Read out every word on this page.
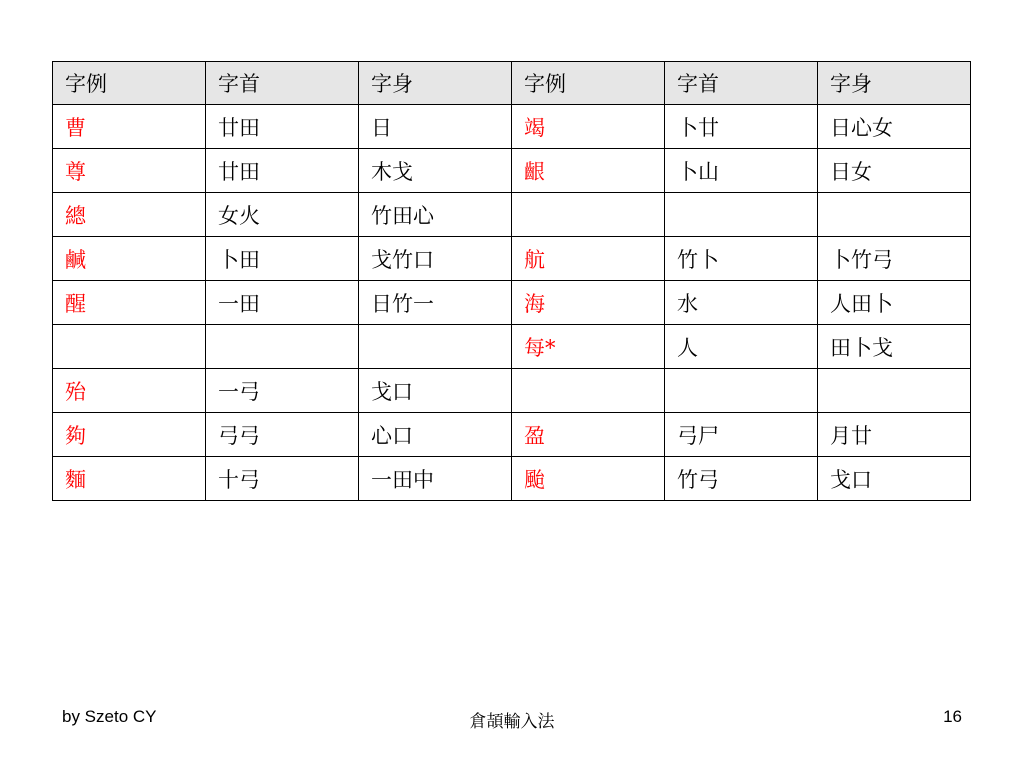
字例	字首	字身	字例	字首	字身
曹	廿田	日	竭	卜廿	日心女
尊	廿田	木戈	齦	卜山	日女
總	女火	竹田心			
鹹	卜田	戈竹口	航	竹卜	卜竹弓
醒	一田	日竹一	海	水	人田卜
			每*	人	田卜戈
殆	一弓	戈口			
夠	弓弓	心口	盈	弓尸	月廿
麵	十弓	一田中	颱	竹弓	戈口
by Szeto CY	倉頡輸入法	16
